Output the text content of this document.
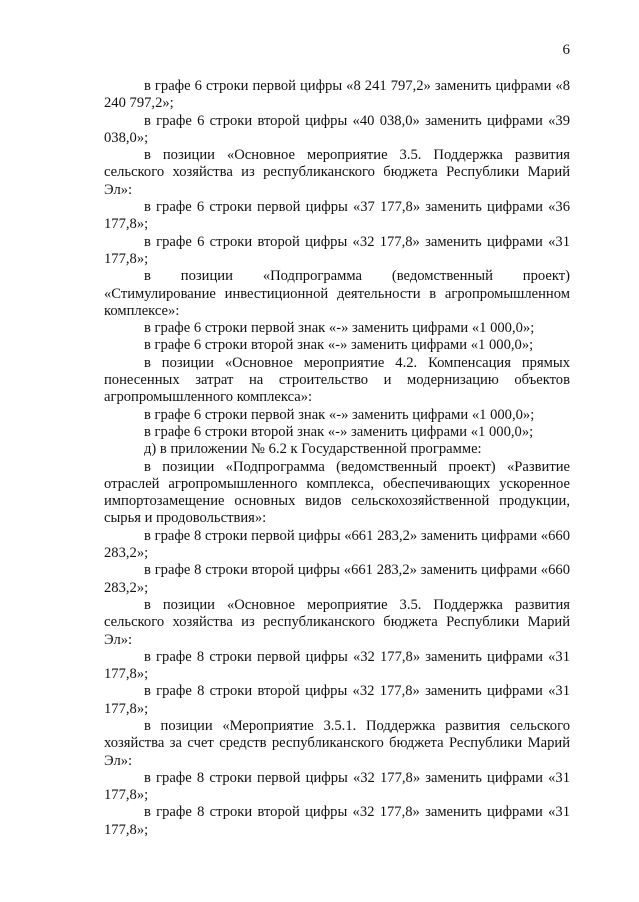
6

в графе 6 строки первой цифры «8 241 797,2» заменить цифрами «8 240 797,2»;

в графе 6 строки второй цифры «40 038,0» заменить цифрами «39 038,0»;

в позиции «Основное мероприятие 3.5. Поддержка развития сельского хозяйства из республиканского бюджета Республики Марий Эл»:

в графе 6 строки первой цифры «37 177,8» заменить цифрами «36 177,8»;

в графе 6 строки второй цифры «32 177,8» заменить цифрами «31 177,8»;

в позиции «Подпрограмма (ведомственный проект) «Стимулирование инвестиционной деятельности в агропромышленном комплексе»:

в графе 6 строки первой знак «-» заменить цифрами «1 000,0»;

в графе 6 строки второй знак «-» заменить цифрами «1 000,0»;

в позиции «Основное мероприятие 4.2. Компенсация прямых понесенных затрат на строительство и модернизацию объектов агропромышленного комплекса»:

в графе 6 строки первой знак «-» заменить цифрами «1 000,0»;

в графе 6 строки второй знак «-» заменить цифрами «1 000,0»;

д) в приложении № 6.2 к Государственной программе:

в позиции «Подпрограмма (ведомственный проект) «Развитие отраслей агропромышленного комплекса, обеспечивающих ускоренное импортозамещение основных видов сельскохозяйственной продукции, сырья и продовольствия»:

в графе 8 строки первой цифры «661 283,2» заменить цифрами «660 283,2»;

в графе 8 строки второй цифры «661 283,2» заменить цифрами «660 283,2»;

в позиции «Основное мероприятие 3.5. Поддержка развития сельского хозяйства из республиканского бюджета Республики Марий Эл»:

в графе 8 строки первой цифры «32 177,8» заменить цифрами «31 177,8»;

в графе 8 строки второй цифры «32 177,8» заменить цифрами «31 177,8»;

в позиции «Мероприятие 3.5.1. Поддержка развития сельского хозяйства за счет средств республиканского бюджета Республики Марий Эл»:

в графе 8 строки первой цифры «32 177,8» заменить цифрами «31 177,8»;

в графе 8 строки второй цифры «32 177,8» заменить цифрами «31 177,8»;
